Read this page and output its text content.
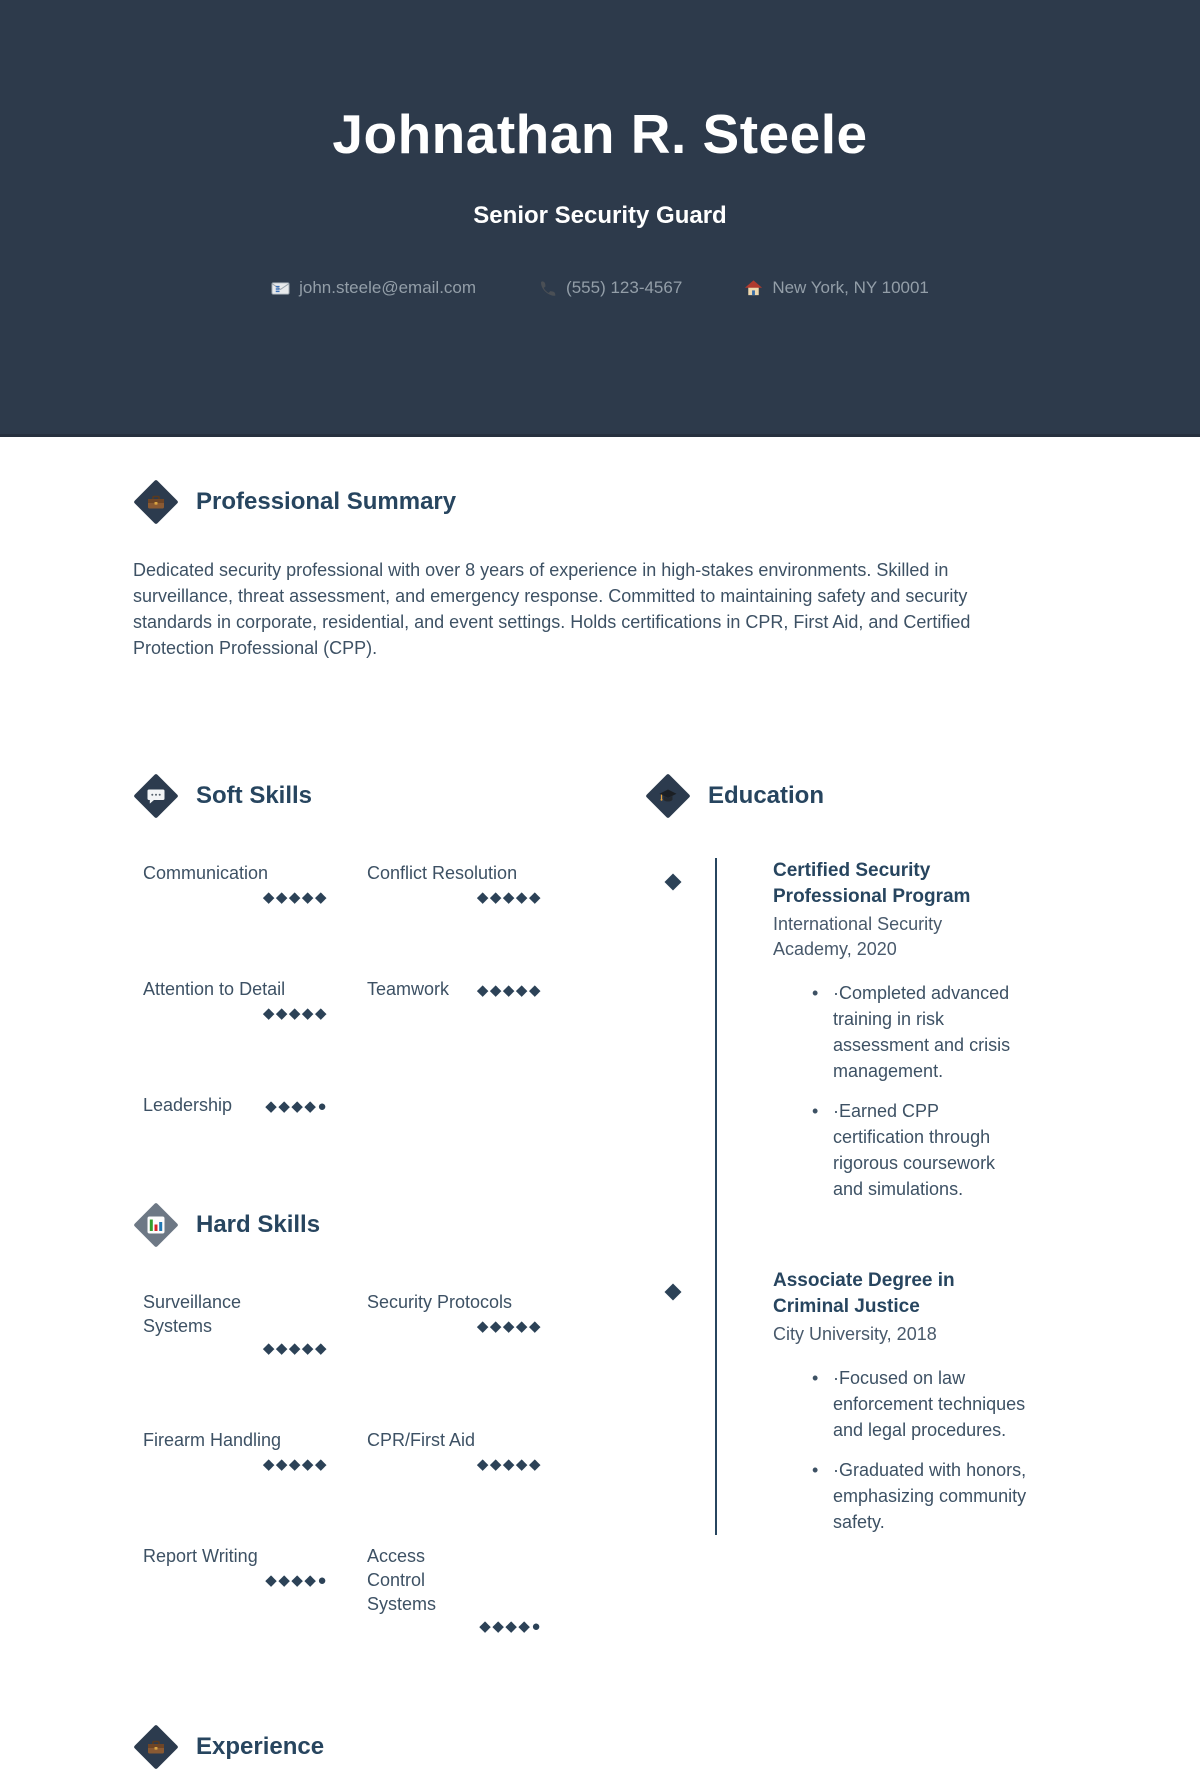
Johnathan R. Steele
Senior Security Guard
john.steele@email.com	(555) 123-4567	New York, NY 10001
Professional Summary

Dedicated security professional with over 8 years of experience in high-stakes environments. Skilled in surveillance, threat assessment, and emergency response. Committed to maintaining safety and security standards in corporate, residential, and event settings. Holds certifications in CPR, First Aid, and Certified Protection Professional (CPP).

Soft Skills
Communication
◆◆◆◆◆
Conflict Resolution
◆◆◆◆◆
Attention to Detail
◆◆◆◆◆
Teamwork ◆◆◆◆◆
Leadership ◆◆◆◆●
Hard Skills
Surveillance Systems
◆◆◆◆◆
Security Protocols
◆◆◆◆◆
Firearm Handling
◆◆◆◆◆
CPR/First Aid
◆◆◆◆◆
Report Writing
◆◆◆◆●
Access Control Systems
◆◆◆◆●
Education
Certified Security Professional Program
International Security Academy, 2020
• ·Completed advanced training in risk assessment and crisis management.
• ·Earned CPP certification through rigorous coursework and simulations.
Associate Degree in Criminal Justice
City University, 2018
• ·Focused on law enforcement techniques and legal procedures.
• ·Graduated with honors, emphasizing community safety.
Experience
